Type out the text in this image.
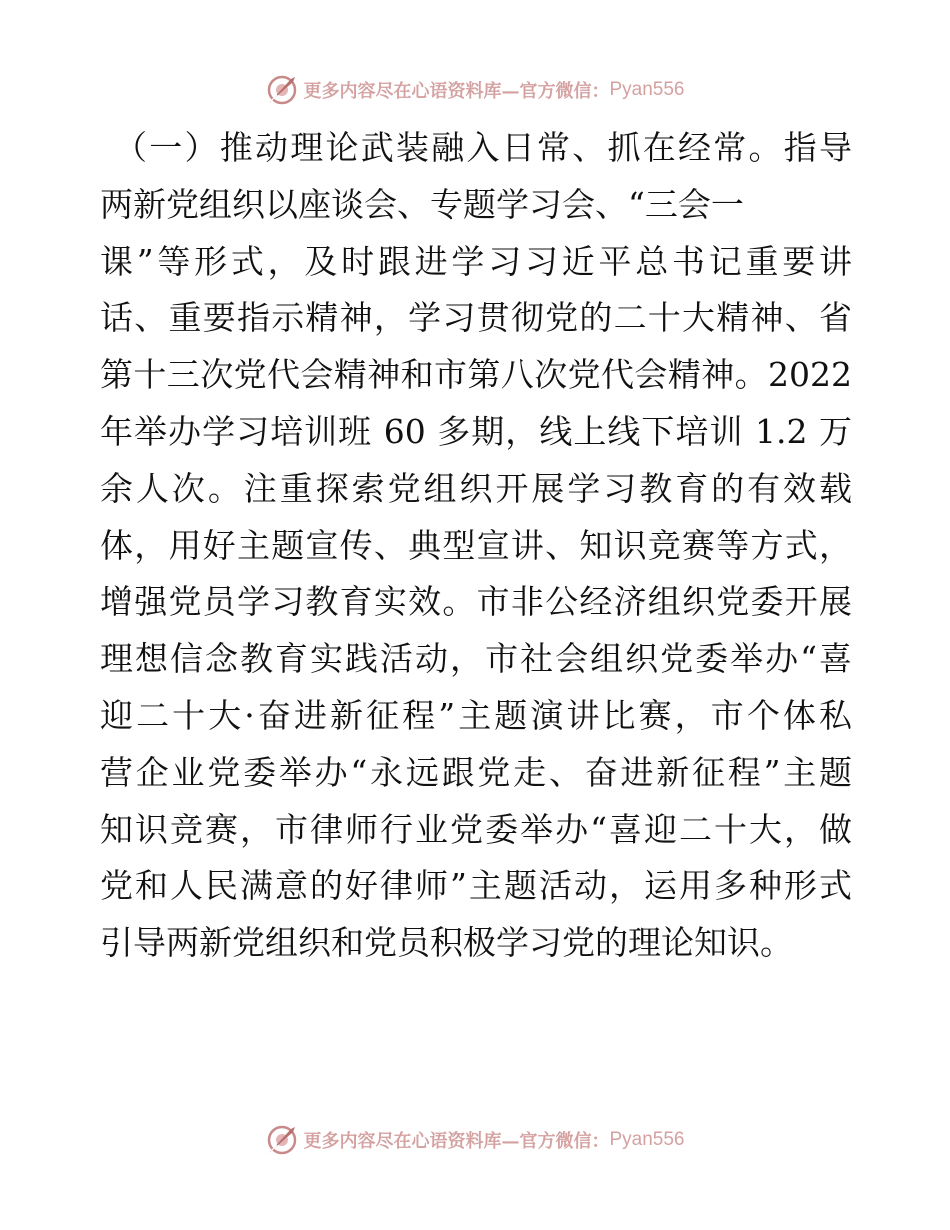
更多内容尽在心语资料库— 官方微信： Pyan556
（一）推动理论武装融入日常、抓在经常。指导
两新党组织以座谈会、专题学习会、“三会一
课”等形式，及时跟进学习习近平总书记重要讲
话、重要指示精神，学习贯彻党的二十大精神、省
第十三次党代会精神和市第八次党代会精神。2022
年举办学习培训班 60 多期，线上线下培训 1.2 万
余人次。注重探索党组织开展学习教育的有效载
体，用好主题宣传、典型宣讲、知识竞赛等方式，
增强党员学习教育实效。市非公经济组织党委开展
理想信念教育实践活动，市社会组织党委举办“喜
迎二十大·奋进新征程”主题演讲比赛，市个体私
营企业党委举办“永远跟党走、奋进新征程”主题
知识竞赛，市律师行业党委举办“喜迎二十大，做
党和人民满意的好律师”主题活动，运用多种形式
引导两新党组织和党员积极学习党的理论知识。
更多内容尽在心语资料库— 官方微信： Pyan556
